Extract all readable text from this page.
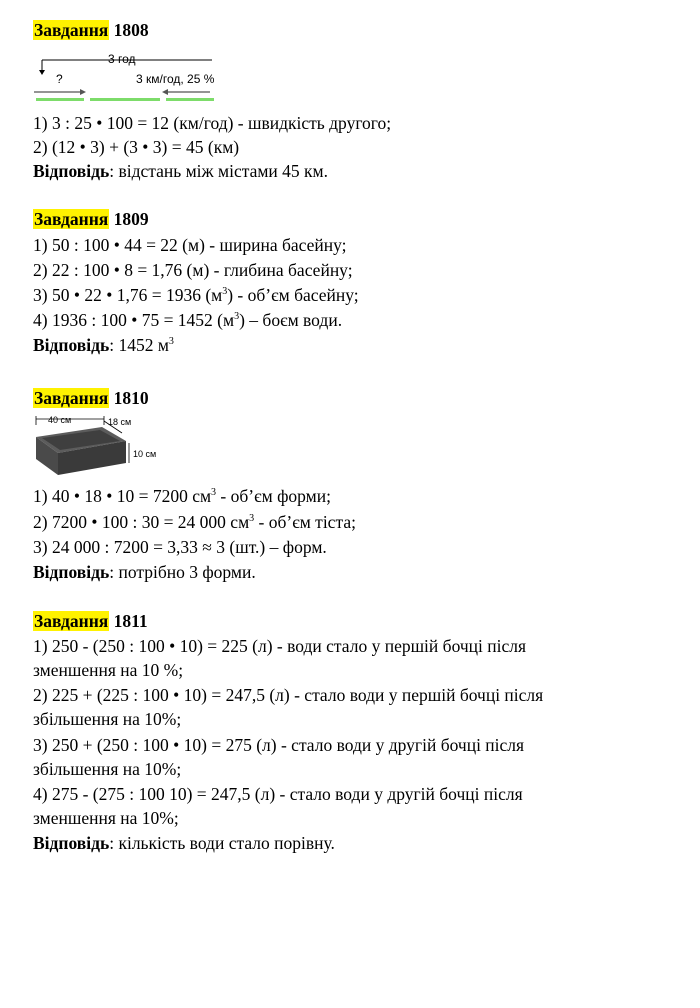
Завдання 1808
3 год
?	3 км/год, 25 %
1) 3 : 25 • 100 = 12 (км/год) - швидкість другого;
2) (12 • 3) + (3 • 3) = 45 (км)
Відповідь: відстань між містами 45 км.
Завдання 1809
1) 50 : 100 • 44 = 22 (м) - ширина басейну;
2) 22 : 100 • 8 = 1,76 (м) - глибина басейну;
3) 50 • 22 • 1,76 = 1936 $(м^3)$ - об’єм басейну;
4) 1936 : 100 • 75 = 1452 $(м^3)$ – боєм води.
Відповідь: 1452 $м^3$
Завдання 1810
40 см	18 см
10 см
1) 40 • 18 • 10 = 7200 $см^3$ - об’єм форми;
2) 7200 • 100 : 30 = 24 000 $см^3$ - об’єм тіста;
3) 24 000 : 7200 = 3,33 ≈ 3 (шт.) – форм.
Відповідь: потрібно 3 форми.
Завдання 1811
1) 250 - (250 : 100 • 10) = 225 (л) - води стало у першій бочці після
зменшення на 10 %;
2) 225 + (225 : 100 • 10) = 247,5 (л) - стало води у першій бочці після
збільшення на 10%;
3) 250 + (250 : 100 • 10) = 275 (л) - стало води у другій бочці після
збільшення на 10%;
4) 275 - (275 : 100 10) = 247,5 (л) - стало води у другій бочці після
зменшення на 10%;
Відповідь: кількість води стало порівну.
